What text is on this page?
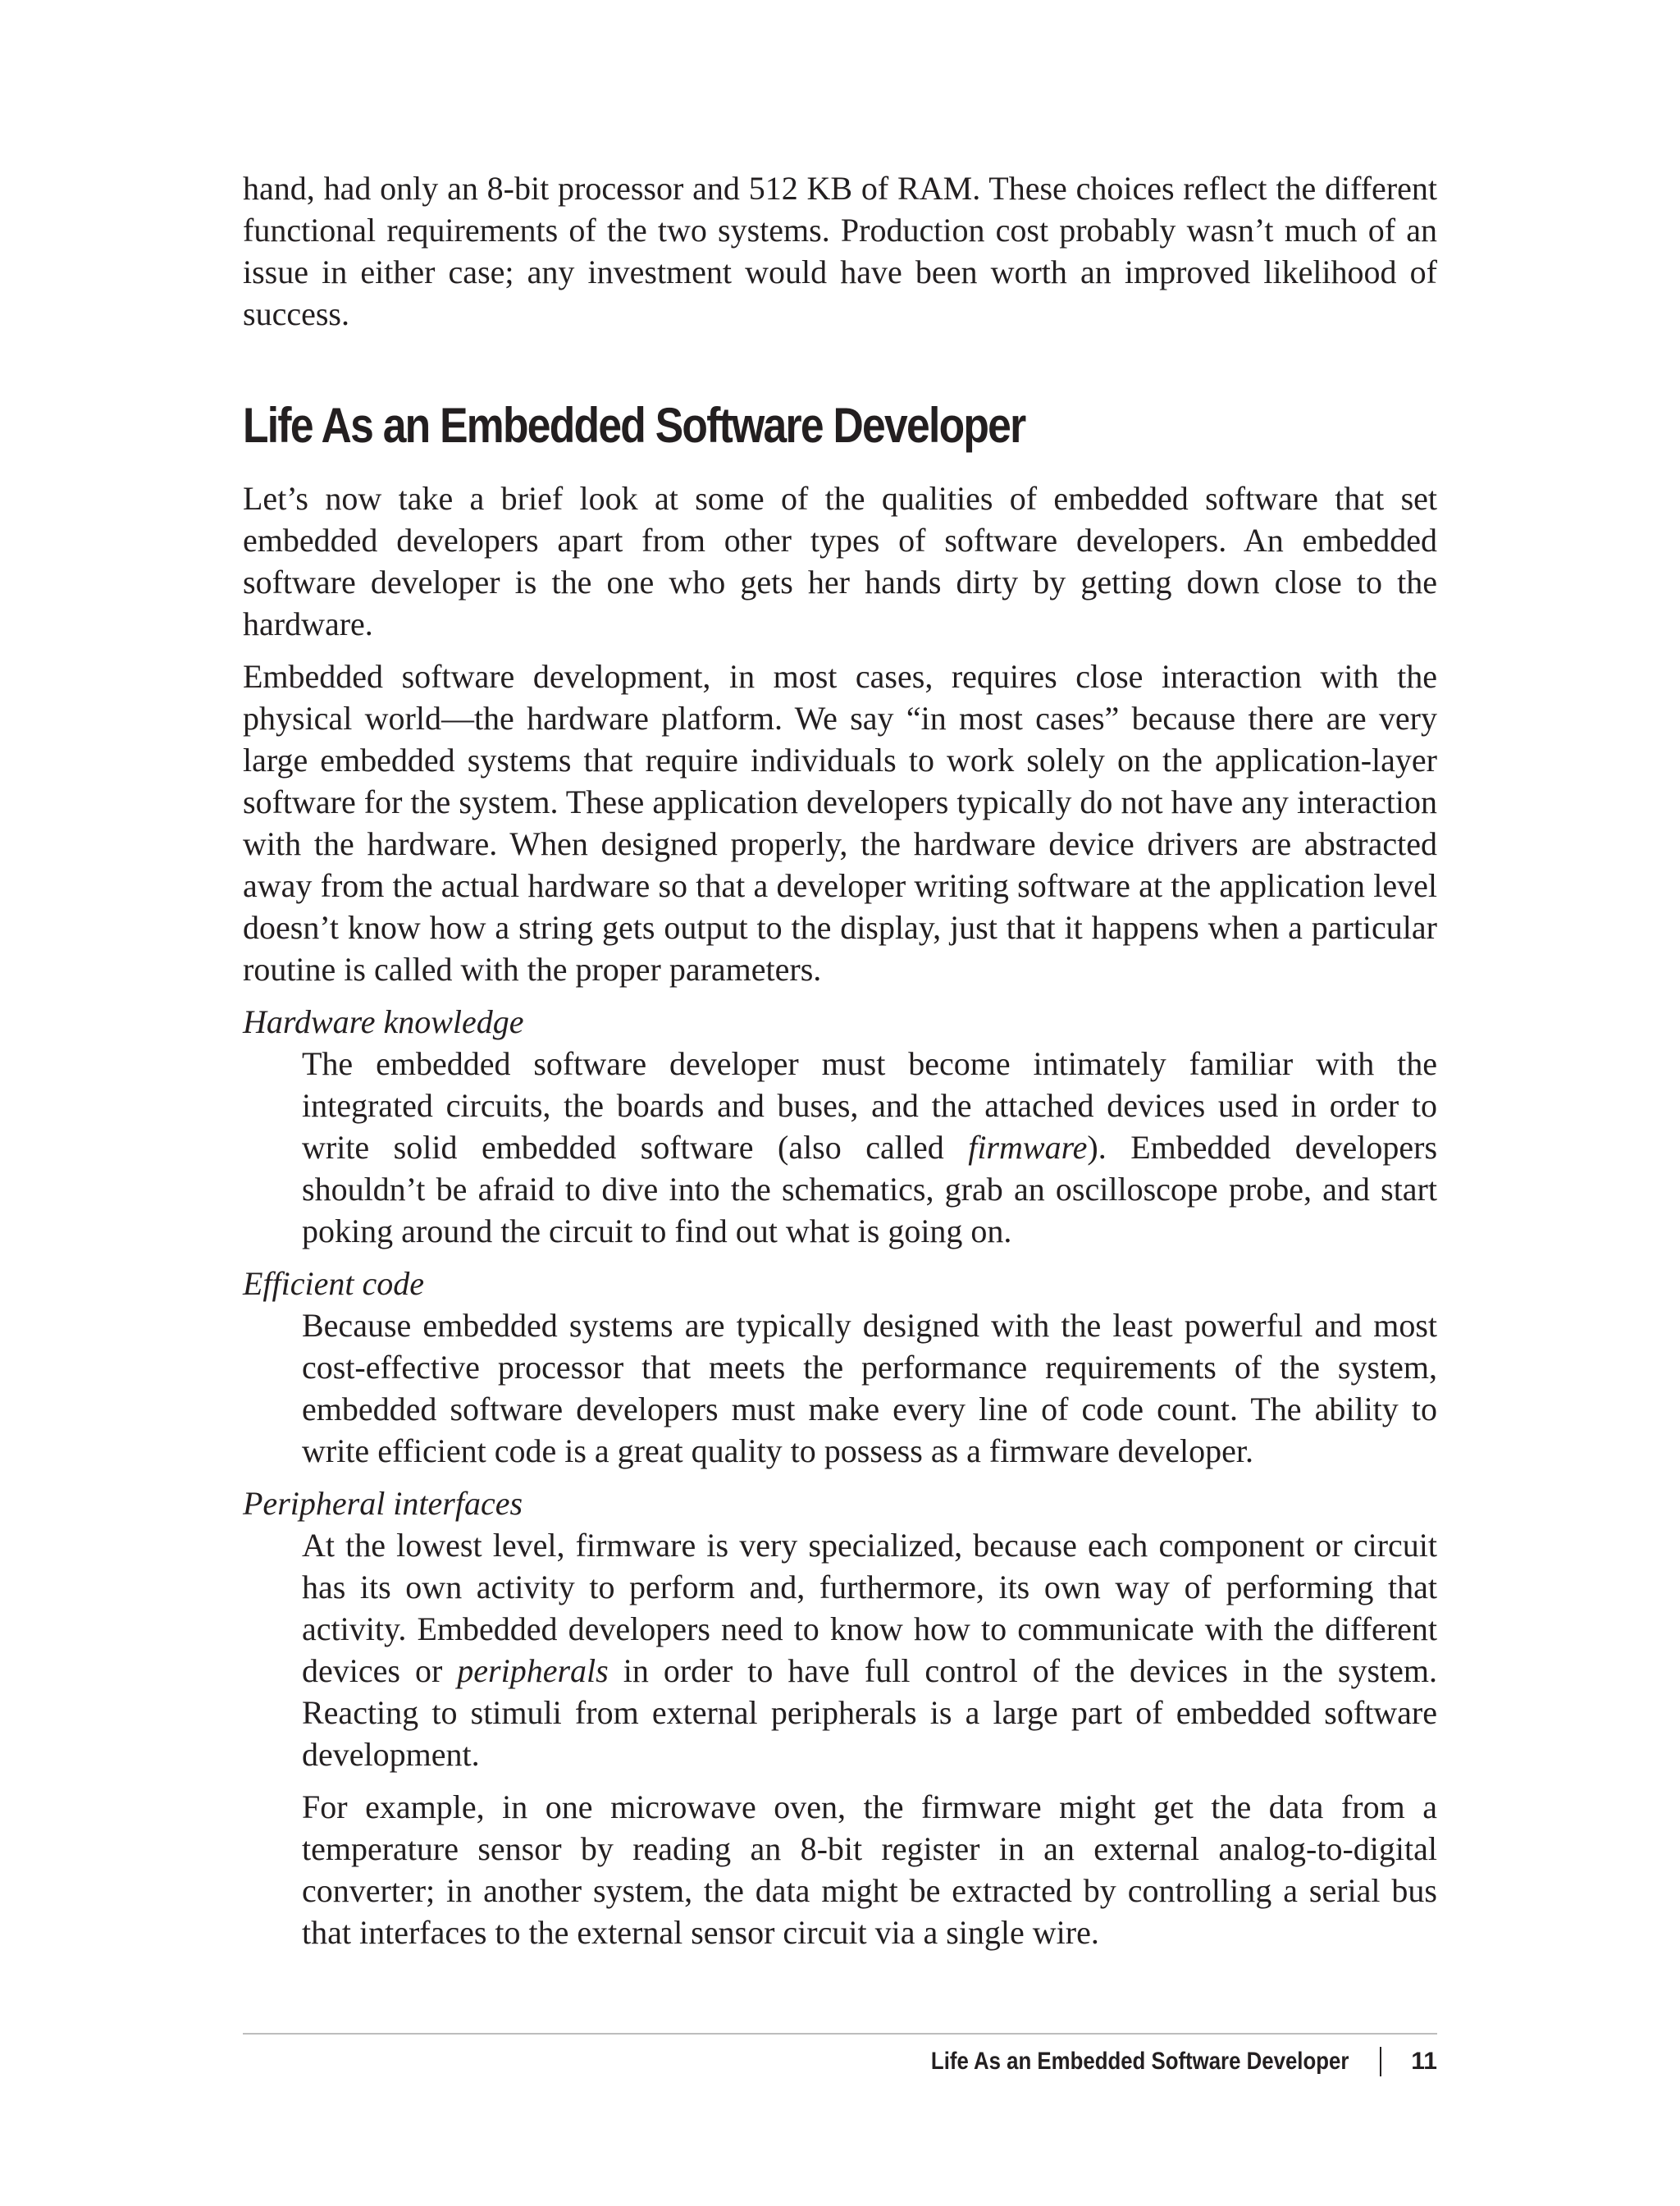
hand, had only an 8-bit processor and 512 KB of RAM. These choices reflect the different functional requirements of the two systems. Production cost probably wasn’t much of an issue in either case; any investment would have been worth an improved likelihood of success.

Life As an Embedded Software Developer

Let’s now take a brief look at some of the qualities of embedded software that set embedded developers apart from other types of software developers. An embedded software developer is the one who gets her hands dirty by getting down close to the hardware.

Embedded software development, in most cases, requires close interaction with the physical world—the hardware platform. We say “in most cases” because there are very large embedded systems that require individuals to work solely on the application-layer software for the system. These application developers typically do not have any interaction with the hardware. When designed properly, the hardware device drivers are abstracted away from the actual hardware so that a developer writing software at the application level doesn’t know how a string gets output to the display, just that it happens when a particular routine is called with the proper parameters.

Hardware knowledge

The embedded software developer must become intimately familiar with the integrated circuits, the boards and buses, and the attached devices used in order to write solid embedded software (also called firmware). Embedded developers shouldn’t be afraid to dive into the schematics, grab an oscilloscope probe, and start poking around the circuit to find out what is going on.

Efficient code

Because embedded systems are typically designed with the least powerful and most cost-effective processor that meets the performance requirements of the system, embedded software developers must make every line of code count. The ability to write efficient code is a great quality to possess as a firmware developer.

Peripheral interfaces

At the lowest level, firmware is very specialized, because each component or circuit has its own activity to perform and, furthermore, its own way of performing that activity. Embedded developers need to know how to communicate with the different devices or peripherals in order to have full control of the devices in the system. Reacting to stimuli from external peripherals is a large part of embedded software development.

For example, in one microwave oven, the firmware might get the data from a temperature sensor by reading an 8-bit register in an external analog-to-digital converter; in another system, the data might be extracted by controlling a serial bus that interfaces to the external sensor circuit via a single wire.

Life As an Embedded Software Developer	11
